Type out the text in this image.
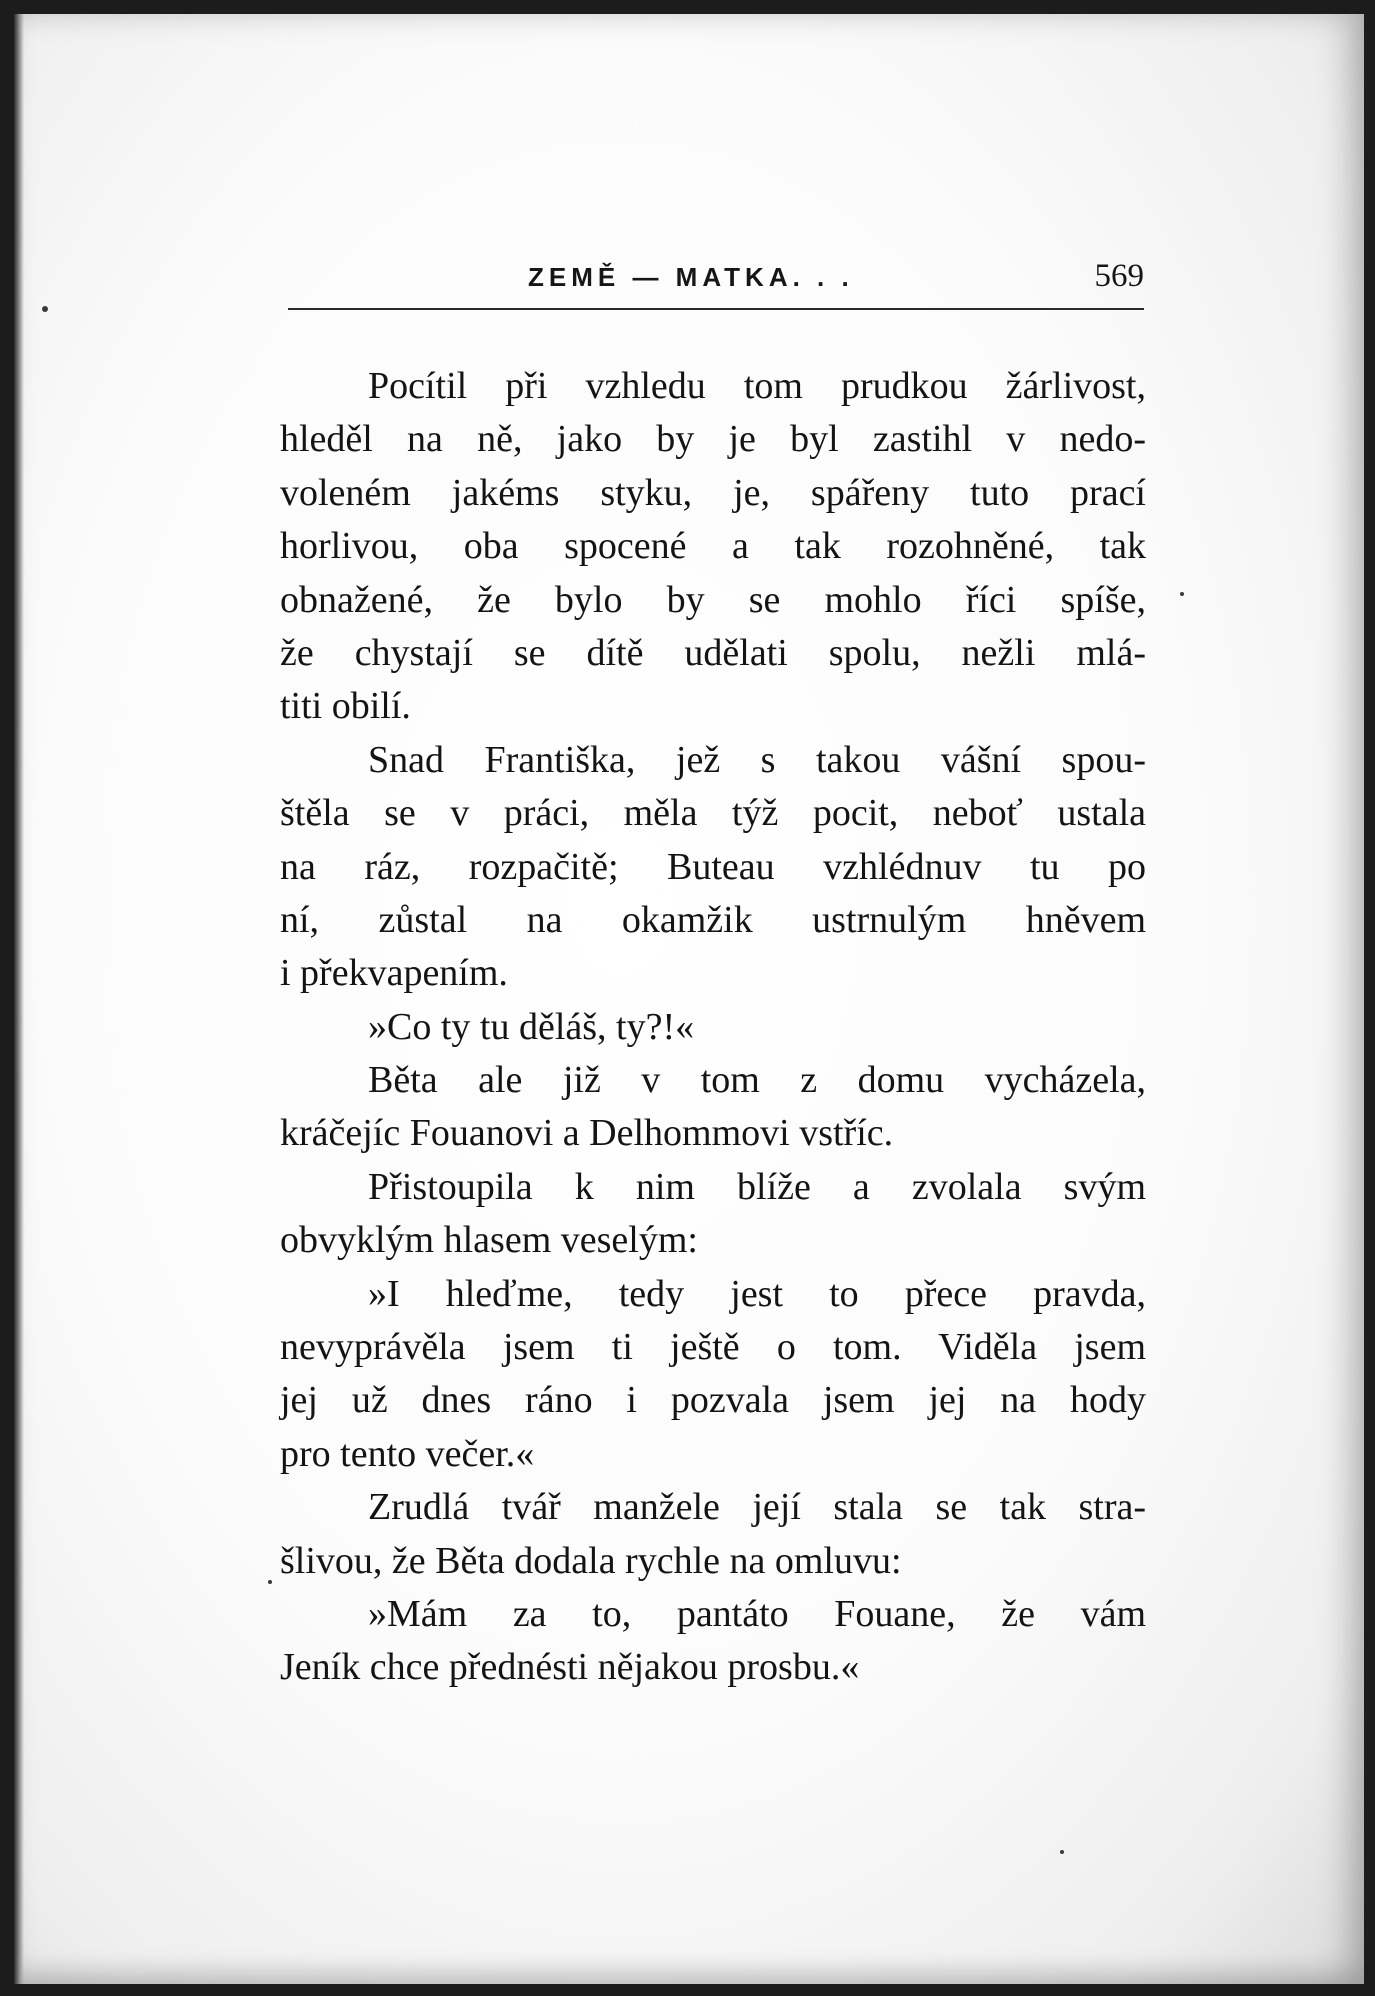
ZEMĚ — MATKA. . .	569
Pocítil při vzhledu tom prudkou žárlivost,
hleděl na ně, jako by je byl zastihl v nedo-
voleném jakéms styku, je, spářeny tuto prací
horlivou, oba spocené a tak rozohněné, tak
obnažené, že bylo by se mohlo říci spíše,
že chystají se dítě udělati spolu, nežli mlá-
titi obilí.
Snad Františka, jež s takou vášní spou-
štěla se v práci, měla týž pocit, neboť ustala
na ráz, rozpačitě; Buteau vzhlédnuv tu po
ní, zůstal na okamžik ustrnulým hněvem
i překvapením.
»Co ty tu děláš, ty?!«
Běta ale již v tom z domu vycházela,
kráčejíc Fouanovi a Delhommovi vstříc.
Přistoupila k nim blíže a zvolala svým
obvyklým hlasem veselým:
»I hleďme, tedy jest to přece pravda,
nevyprávěla jsem ti ještě o tom. Viděla jsem
jej už dnes ráno i pozvala jsem jej na hody
pro tento večer.«
Zrudlá tvář manžele její stala se tak stra-
šlivou, že Běta dodala rychle na omluvu:
»Mám za to, pantáto Fouane, že vám
Jeník chce přednésti nějakou prosbu.«
